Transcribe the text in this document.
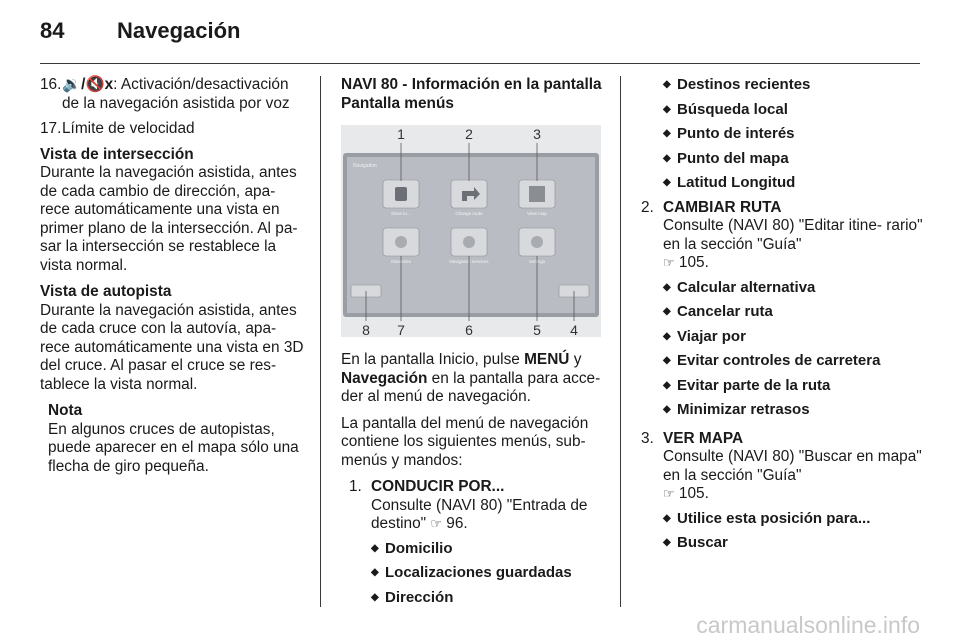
84	Navegación
16. 🔉/🔇x: Activación/desactivación de la navegación asistida por voz
17. Límite de velocidad
Vista de intersección
Durante la navegación asistida, antes de cada cambio de dirección, apa- rece automáticamente una vista en primer plano de la intersección. Al pa- sar la intersección se restablece la vista normal.
Vista de autopista
Durante la navegación asistida, antes de cada cruce con la autovía, apa- rece automáticamente una vista en 3D del cruce. Al pasar el cruce se res- tablece la vista normal.
Nota
En algunos cruces de autopistas, puede aparecer en el mapa sólo una flecha de giro pequeña.
NAVI 80 - Información en la pantalla
Pantalla menús
Navigation
Drive to...	Change route	View map
Itineraries	Navigation services	Settings
1	2	3
8 7	6	5 4
En la pantalla Inicio, pulse MENÚ y Navegación en la pantalla para acce- der al menú de navegación.
La pantalla del menú de navegación contiene los siguientes menús, sub- menús y mandos:
1. CONDUCIR POR...
Consulte (NAVI 80) "Entrada de destino" ☞ 96.
◆ Domicilio
◆ Localizaciones guardadas
◆ Dirección
◆ Destinos recientes
◆ Búsqueda local
◆ Punto de interés
◆ Punto del mapa
◆ Latitud Longitud
2. CAMBIAR RUTA
Consulte (NAVI 80) "Editar itine- rario" en la sección "Guía"
☞ 105.
◆ Calcular alternativa
◆ Cancelar ruta
◆ Viajar por
◆ Evitar controles de carretera
◆ Evitar parte de la ruta
◆ Minimizar retrasos
3. VER MAPA
Consulte (NAVI 80) "Buscar en mapa" en la sección "Guía"
☞ 105.
◆ Utilice esta posición para...
◆ Buscar
carmanualsonline.info
